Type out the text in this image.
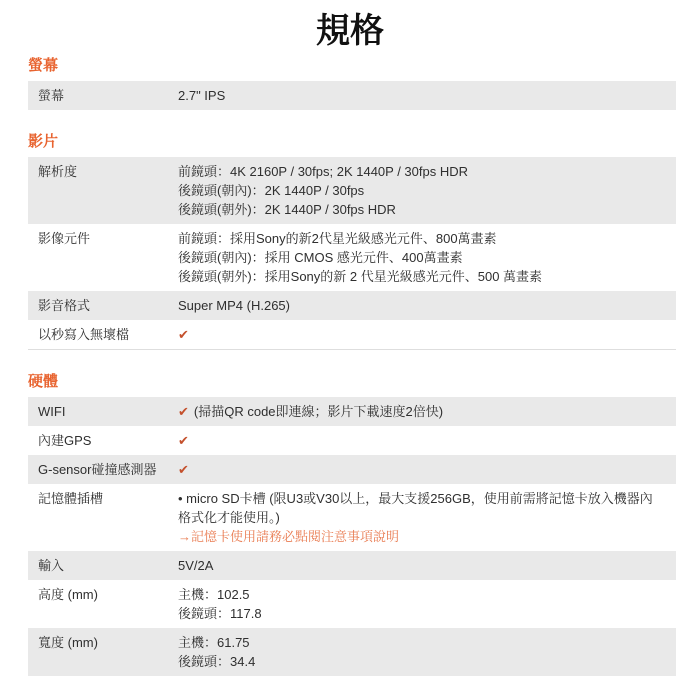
規格
螢幕
螢幕	2.7" IPS
影片
解析度	前鏡頭：4K 2160P / 30fps; 2K 1440P / 30fps HDR
後鏡頭(朝內)：2K 1440P / 30fps
後鏡頭(朝外)：2K 1440P / 30fps HDR
影像元件	前鏡頭：採用Sony的新2代星光級感光元件、800萬畫素
後鏡頭(朝內)：採用 CMOS 感光元件、400萬畫素
後鏡頭(朝外)：採用Sony的新 2 代星光級感光元件、500 萬畫素
影音格式	Super MP4 (H.265)
以秒寫入無壞檔	✔
硬體
WIFI	✔ (掃描QR code即連線；影片下載速度2倍快)
內建GPS	✔
G-sensor碰撞感測器	✔
記憶體插槽	• micro SD卡槽 (限U3或V30以上，最大支援256GB，使用前需將記憶卡放入機器內格式化才能使用。)
→記憶卡使用請務必點閱注意事項說明
輸入	5V/2A
高度 (mm)	主機：102.5
後鏡頭：117.8
寬度 (mm)	主機：61.75
後鏡頭：34.4
